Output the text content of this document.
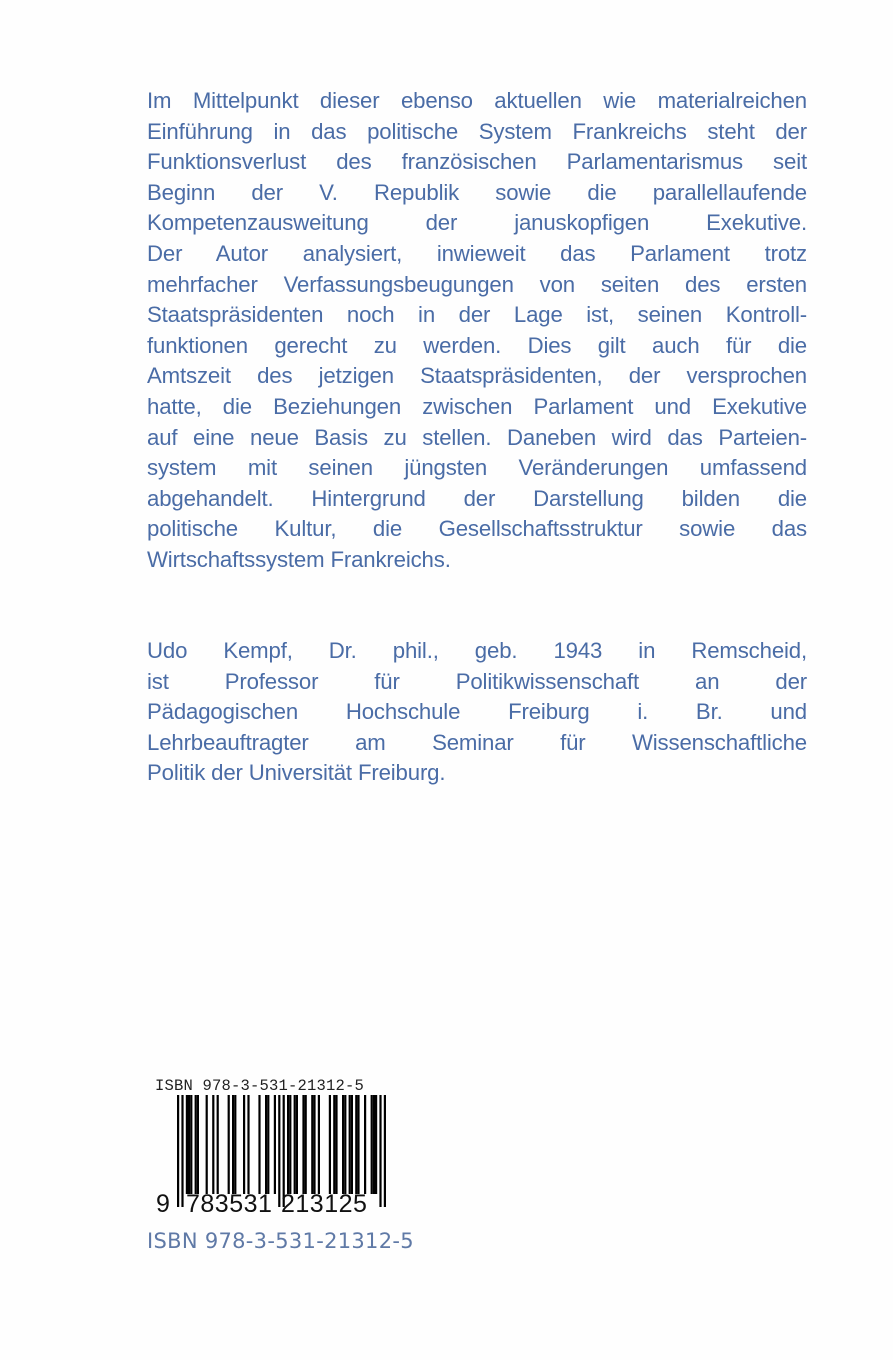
Im Mittelpunkt dieser ebenso aktuellen wie materialreichen
Einführung in das politische System Frankreichs steht der
Funktionsverlust des französischen Parlamentarismus seit
Beginn der V. Republik sowie die parallellaufende
Kompetenzausweitung der januskopfigen Exekutive.
Der Autor analysiert, inwieweit das Parlament trotz
mehrfacher Verfassungsbeugungen von seiten des ersten
Staatspräsidenten noch in der Lage ist, seinen Kontroll-
funktionen gerecht zu werden. Dies gilt auch für die
Amtszeit des jetzigen Staatspräsidenten, der versprochen
hatte, die Beziehungen zwischen Parlament und Exekutive
auf eine neue Basis zu stellen. Daneben wird das Parteien-
system mit seinen jüngsten Veränderungen umfassend
abgehandelt. Hintergrund der Darstellung bilden die
politische Kultur, die Gesellschaftsstruktur sowie das
Wirtschaftssystem Frankreichs.
Udo Kempf, Dr. phil., geb. 1943 in Remscheid,
ist Professor für Politikwissenschaft an der
Pädagogischen Hochschule Freiburg i. Br. und
Lehrbeauftragter am Seminar für Wissenschaftliche
Politik der Universität Freiburg.
ISBN 978-3-531-21312-5
9 783531 213125
ISBN 978-3-531-21312-5
